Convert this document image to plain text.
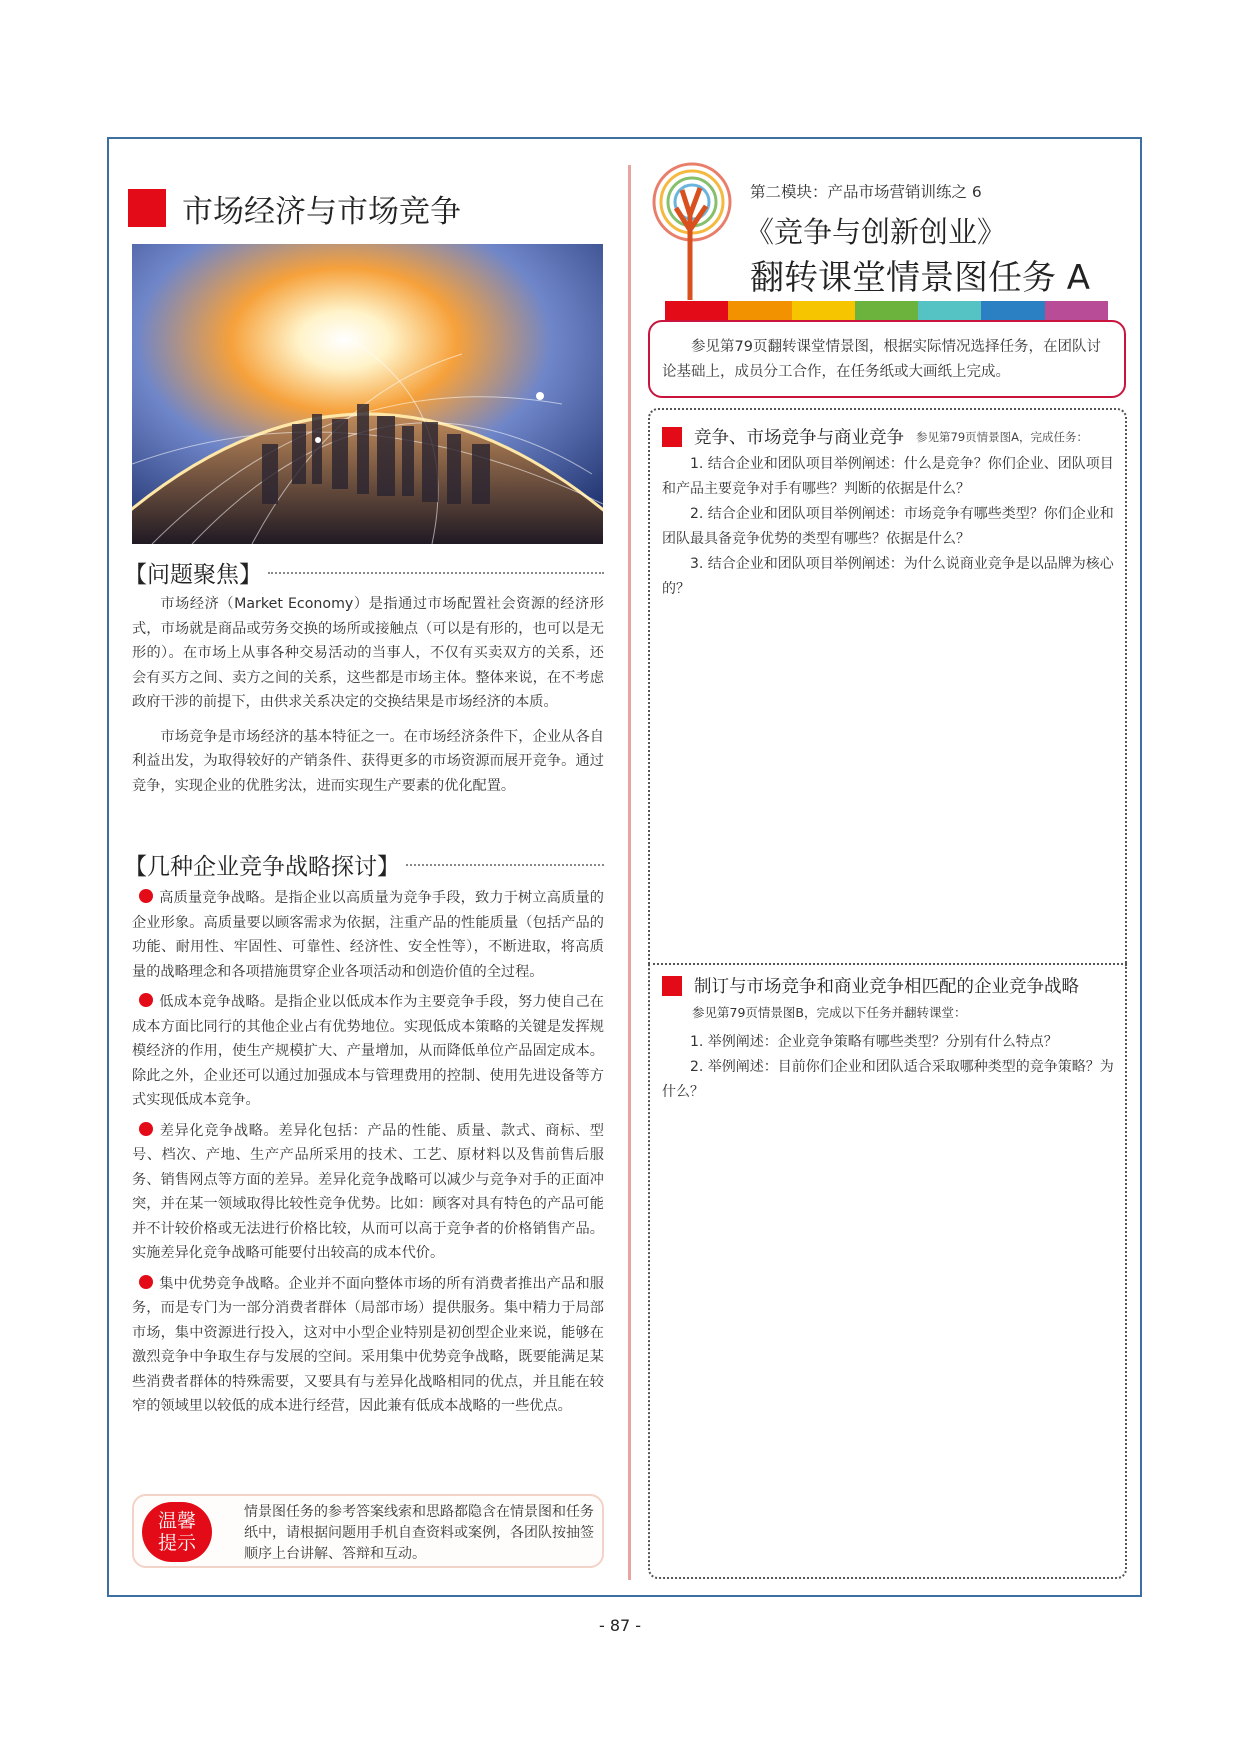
市场经济与市场竞争
【问题聚焦】

市场经济（Market Economy）是指通过市场配置社会资源的经济形式，市场就是商品或劳务交换的场所或接触点（可以是有形的，也可以是无形的）。在市场上从事各种交易活动的当事人，不仅有买卖双方的关系，还会有买方之间、卖方之间的关系，这些都是市场主体。整体来说，在不考虑政府干涉的前提下，由供求关系决定的交换结果是市场经济的本质。

市场竞争是市场经济的基本特征之一。在市场经济条件下，企业从各自利益出发，为取得较好的产销条件、获得更多的市场资源而展开竞争。通过竞争，实现企业的优胜劣汰，进而实现生产要素的优化配置。

【几种企业竞争战略探讨】

高质量竞争战略。是指企业以高质量为竞争手段，致力于树立高质量的企业形象。高质量要以顾客需求为依据，注重产品的性能质量（包括产品的功能、耐用性、牢固性、可靠性、经济性、安全性等），不断进取，将高质量的战略理念和各项措施贯穿企业各项活动和创造价值的全过程。

低成本竞争战略。是指企业以低成本作为主要竞争手段，努力使自己在成本方面比同行的其他企业占有优势地位。实现低成本策略的关键是发挥规模经济的作用，使生产规模扩大、产量增加，从而降低单位产品固定成本。除此之外，企业还可以通过加强成本与管理费用的控制、使用先进设备等方式实现低成本竞争。

差异化竞争战略。差异化包括：产品的性能、质量、款式、商标、型号、档次、产地、生产产品所采用的技术、工艺、原材料以及售前售后服务、销售网点等方面的差异。差异化竞争战略可以减少与竞争对手的正面冲突，并在某一领域取得比较性竞争优势。比如：顾客对具有特色的产品可能并不计较价格或无法进行价格比较，从而可以高于竞争者的价格销售产品。实施差异化竞争战略可能要付出较高的成本代价。

集中优势竞争战略。企业并不面向整体市场的所有消费者推出产品和服务，而是专门为一部分消费者群体（局部市场）提供服务。集中精力于局部市场，集中资源进行投入，这对中小型企业特别是初创型企业来说，能够在激烈竞争中争取生存与发展的空间。采用集中优势竞争战略，既要能满足某些消费者群体的特殊需要，又要具有与差异化战略相同的优点，并且能在较窄的领域里以较低的成本进行经营，因此兼有低成本战略的一些优点。

温馨
提示
情景图任务的参考答案线索和思路都隐含在情景图和任务纸中，请根据问题用手机自查资料或案例，各团队按抽签顺序上台讲解、答辩和互动。
第二模块：产品市场营销训练之 6
《竞争与创新创业》
翻转课堂情景图任务 A
参见第79页翻转课堂情景图，根据实际情况选择任务，在团队讨论基础上，成员分工合作，在任务纸或大画纸上完成。
竞争、市场竞争与商业竞争 参见第79页情景图A，完成任务：

1. 结合企业和团队项目举例阐述：什么是竞争？你们企业、团队项目和产品主要竞争对手有哪些？判断的依据是什么？

2. 结合企业和团队项目举例阐述：市场竞争有哪些类型？你们企业和团队最具备竞争优势的类型有哪些？依据是什么？

3. 结合企业和团队项目举例阐述：为什么说商业竞争是以品牌为核心的？

制订与市场竞争和商业竞争相匹配的企业竞争战略
参见第79页情景图B，完成以下任务并翻转课堂：

1. 举例阐述：企业竞争策略有哪些类型？分别有什么特点？

2. 举例阐述：目前你们企业和团队适合采取哪种类型的竞争策略？为什么？

- 87 -
